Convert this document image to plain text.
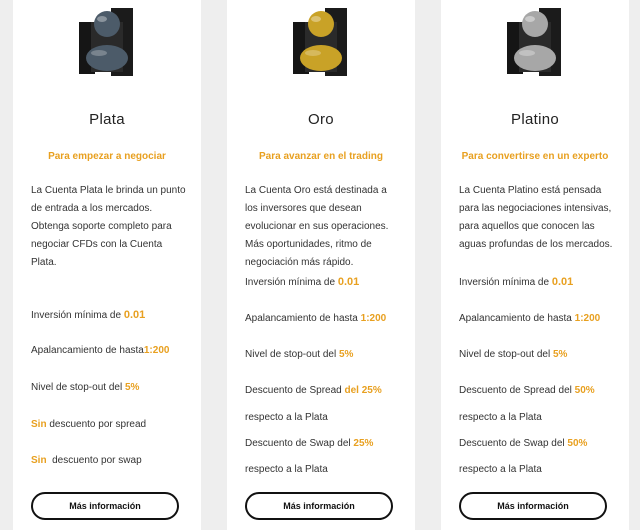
Plata
Para empezar a negociar

La Cuenta Plata le brinda un punto de entrada a los mercados. Obtenga soporte completo para negociar CFDs con la Cuenta Plata.

Inversión mínima de 0.01
Apalancamiento de hasta1:200
Nivel de stop-out del 5%
Sin descuento por spread
Sin descuento por swap
Más información
Oro
Para avanzar en el trading

La Cuenta Oro está destinada a los inversores que desean evolucionar en sus operaciones. Más oportunidades, ritmo de negociación más rápido.

Inversión mínima de 0.01
Apalancamiento de hasta 1:200
Nivel de stop-out del 5%
Descuento de Spread del 25%
respecto a la Plata
Descuento de Swap del 25%
respecto a la Plata
Más información
Platino
Para convertirse en un experto

La Cuenta Platino está pensada para las negociaciones intensivas, para aquellos que conocen las aguas profundas de los mercados.

Inversión mínima de 0.01
Apalancamiento de hasta 1:200
Nivel de stop-out del 5%
Descuento de Spread del 50%
respecto a la Plata
Descuento de Swap del 50%
respecto a la Plata
Más información
